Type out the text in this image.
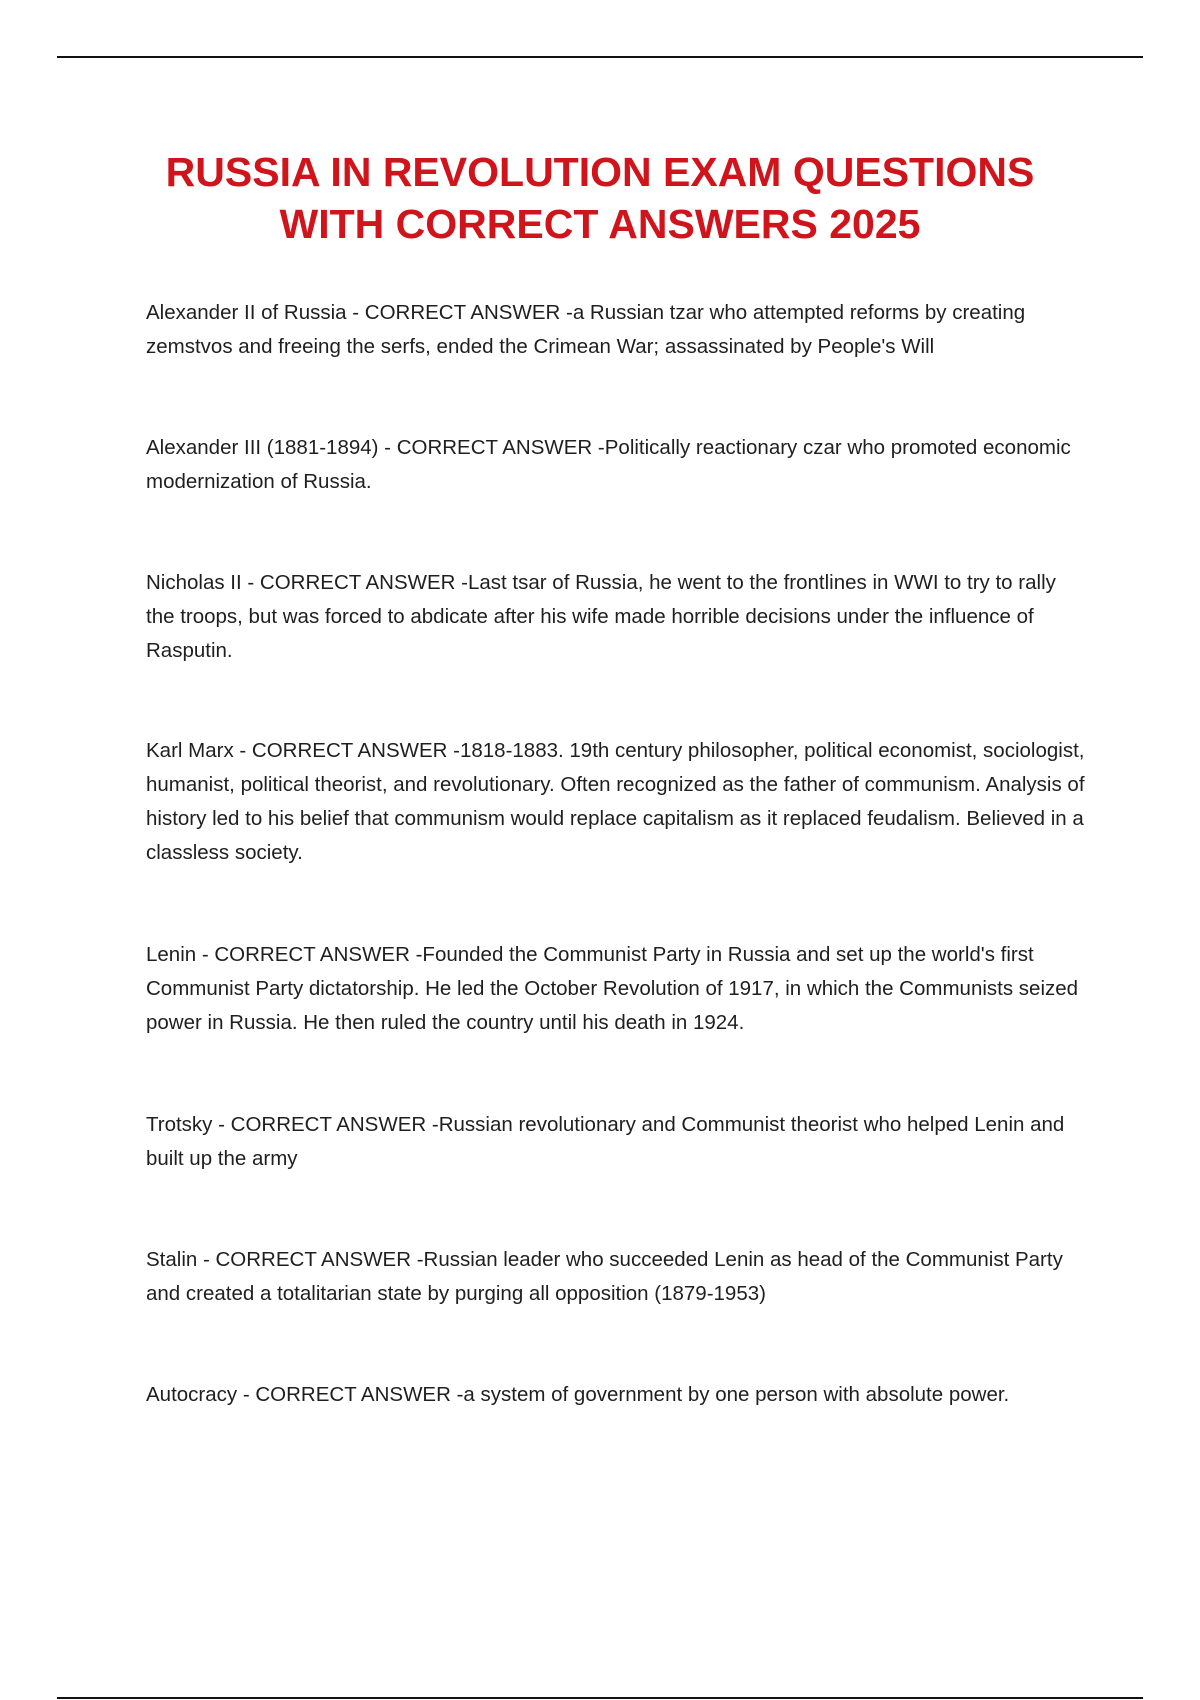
RUSSIA IN REVOLUTION EXAM QUESTIONS
WITH CORRECT ANSWERS 2025

Alexander II of Russia - CORRECT ANSWER -a Russian tzar who attempted reforms by creating zemstvos and freeing the serfs, ended the Crimean War; assassinated by People's Will

Alexander III (1881-1894) - CORRECT ANSWER -Politically reactionary czar who promoted economic modernization of Russia.

Nicholas II - CORRECT ANSWER -Last tsar of Russia, he went to the frontlines in WWI to try to rally the troops, but was forced to abdicate after his wife made horrible decisions under the influence of Rasputin.

Karl Marx - CORRECT ANSWER -1818-1883. 19th century philosopher, political economist, sociologist, humanist, political theorist, and revolutionary. Often recognized as the father of communism. Analysis of history led to his belief that communism would replace capitalism as it replaced feudalism. Believed in a classless society.

Lenin - CORRECT ANSWER -Founded the Communist Party in Russia and set up the world's first Communist Party dictatorship. He led the October Revolution of 1917, in which the Communists seized power in Russia. He then ruled the country until his death in 1924.

Trotsky - CORRECT ANSWER -Russian revolutionary and Communist theorist who helped Lenin and built up the army

Stalin - CORRECT ANSWER -Russian leader who succeeded Lenin as head of the Communist Party and created a totalitarian state by purging all opposition (1879-1953)

Autocracy - CORRECT ANSWER -a system of government by one person with absolute power.
